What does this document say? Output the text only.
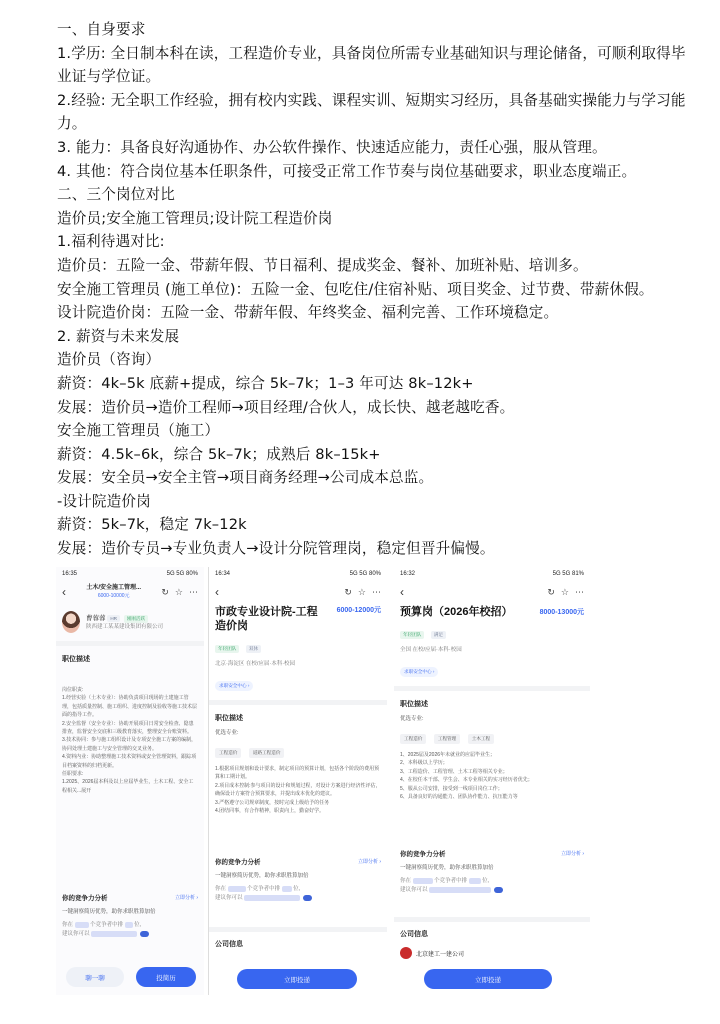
一、自身要求
1.学历: 全日制本科在读，工程造价专业，具备岗位所需专业基础知识与理论储备，可顺利取得毕业证与学位证。
2.经验: 无全职工作经验，拥有校内实践、课程实训、短期实习经历，具备基础实操能力与学习能力。
3. 能力：具备良好沟通协作、办公软件操作、快速适应能力，责任心强，服从管理。
4. 其他：符合岗位基本任职条件，可接受正常工作节奏与岗位基础要求，职业态度端正。
二、三个岗位对比
造价员;安全施工管理员;设计院工程造价岗
1.福利待遇对比:
造价员：五险一金、带薪年假、节日福利、提成奖金、餐补、加班补贴、培训多。
安全施工管理员 (施工单位)：五险一金、包吃住/住宿补贴、项目奖金、过节费、带薪休假。
设计院造价岗：五险一金、带薪年假、年终奖金、福利完善、工作环境稳定。
2. 薪资与未来发展
造价员（咨询）
薪资：4k–5k 底薪+提成，综合 5k–7k；1–3 年可达 8k–12k+
发展：造价员→造价工程师→项目经理/合伙人，成长快、越老越吃香。
安全施工管理员（施工）
薪资：4.5k–6k，综合 5k–7k；成熟后 8k–15k+
发展：安全员→安全主管→项目商务经理→公司成本总监。
-设计院造价岗
薪资：5k–7k，稳定 7k–12k
发展：造价专员→专业负责人→设计分院管理岗，稳定但晋升偏慢。
16:35	5G 5G 80%
‹	土木/安全施工管理...
6000-10000元	↻ ☆ ⋯
曹蓉蓉 HR 刚刚活跃
陕西建工某某建设集团有限公司
职位描述
岗位职责:
1.经营实验（土木专业）：协助负责项目现场的土建施工管理，包括质量控制、施工组织、进度控制及验收等施工技术层面的指导工作。
2.安全监督（安全专业）：协助开展项目日常安全检查、隐患排查，监督安全交底和三级教育落实，整理安全台账资料。
3.技术协同：参与施工组织设计及专项安全施工方案的编制，协同处理土建施工与安全管理的交叉业务。
4.资料内业：协助整理施工技术资料或安全管理资料，跟踪项目档案资料的归档更新。
任职要求:
1.2025、2026届本科及以上应届毕业生，土木工程、安全工程相关...展开
你的竞争力分析	立即分析 ›
一键洞察简历优势，助你求职胜算加倍
你在	个竞争者中排 位,
建议你可以
聊一聊	投简历
16:34	5G 5G 80%
‹	↻ ☆ ⋯
市政专业设计院-工程造价岗
6000-12000元
年轻团队	双休
北京·海淀区 在校/应届·本科·校园
求职安全中心 ›
职位描述
优选专业:
工程造价	道路工程造价
1.根据项目规划和设计要求，制定项目的预算计划，包括各个阶段的费用预算和工期计划。
2.项目成本控制:参与项目的设计和规划过程，对设计方案进行经济性评估，确保设计方案符合预算要求，并提出成本优化的建议。
3.严格遵守公司规章制度，按时完成上级给予的任务
4.团结同事，有合作精神，职责向上，勤奋好学。
你的竞争力分析	立即分析 ›
一键洞察简历优势，助你求职胜算加倍
你在	个竞争者中排 位,
建议你可以
公司信息
立即投递
16:32	5G 5G 81%
‹	↻ ☆ ⋯
预算岗（2026年校招）	8000-13000元
年轻团队	满足
全国 在校/应届·本科·校园
求职安全中心 ›
职位描述
优选专业:
工程造价	工程管理	土木工程
1、2025届及2026年未就业的应届毕业生；
2、本科级以上学历；
3、工程造价、工程管理、土木工程等相关专业；
4、在校任本干部、学生会、本专业相关的实习经历者优先；
5、服从公司安排，接受到一线项目岗位工作；
6、具备良好的沟通能力、团队协作能力、抗压能力等
你的竞争力分析	立即分析 ›
一键洞察简历优势，助你求职胜算加倍
你在	个竞争者中排	位,
建议你可以
公司信息
北京建工一建公司
立即投递
